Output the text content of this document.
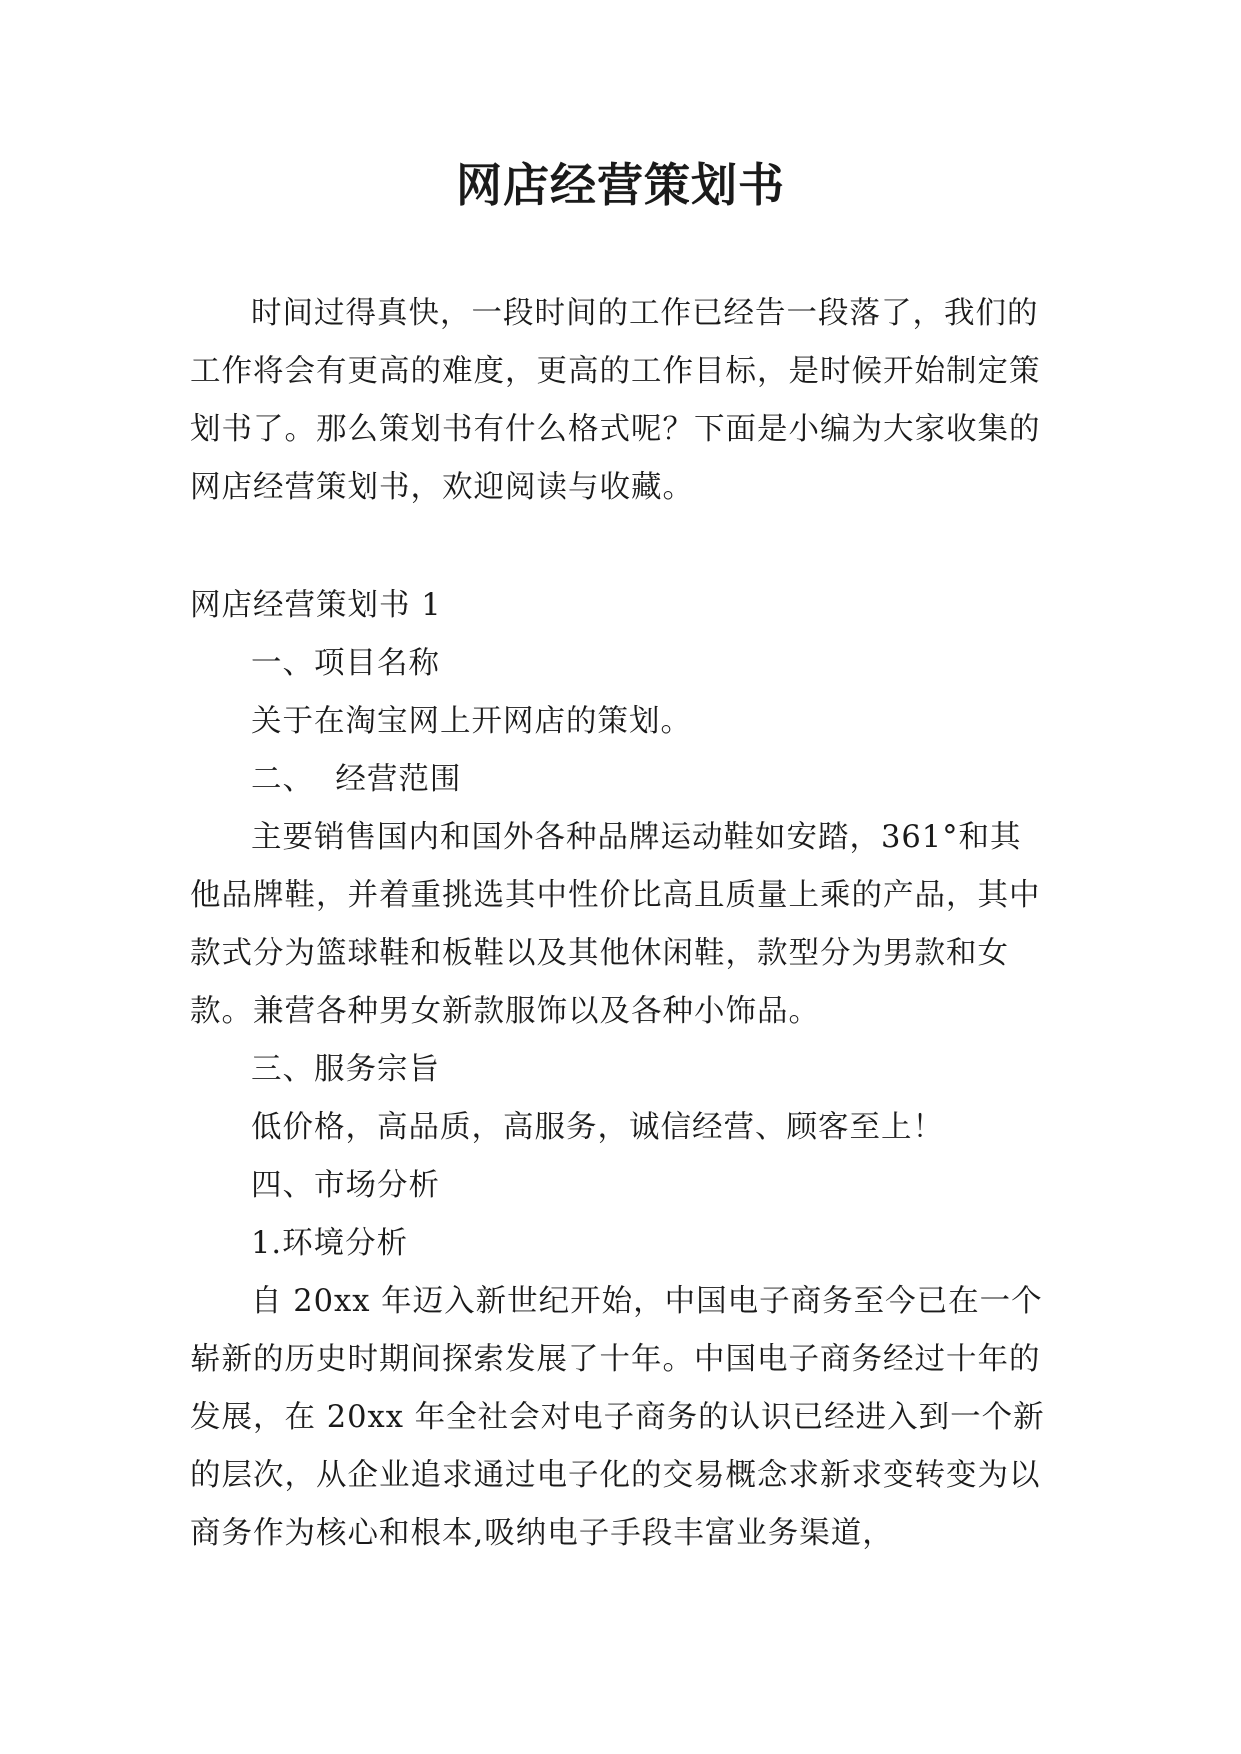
网店经营策划书

时间过得真快，一段时间的工作已经告一段落了，我们的工作将会有更高的难度，更高的工作目标，是时候开始制定策划书了。那么策划书有什么格式呢？下面是小编为大家收集的网店经营策划书，欢迎阅读与收藏。

网店经营策划书 1

一、项目名称

关于在淘宝网上开网店的策划。

二、  经营范围

主要销售国内和国外各种品牌运动鞋如安踏，361°和其他品牌鞋，并着重挑选其中性价比高且质量上乘的产品，其中款式分为篮球鞋和板鞋以及其他休闲鞋，款型分为男款和女款。兼营各种男女新款服饰以及各种小饰品。

三、服务宗旨

低价格，高品质，高服务，诚信经营、顾客至上！

四、市场分析

1.环境分析

自 20xx 年迈入新世纪开始，中国电子商务至今已在一个崭新的历史时期间探索发展了十年。中国电子商务经过十年的发展，在 20xx 年全社会对电子商务的认识已经进入到一个新的层次，从企业追求通过电子化的交易概念求新求变转变为以商务作为核心和根本,吸纳电子手段丰富业务渠道，
